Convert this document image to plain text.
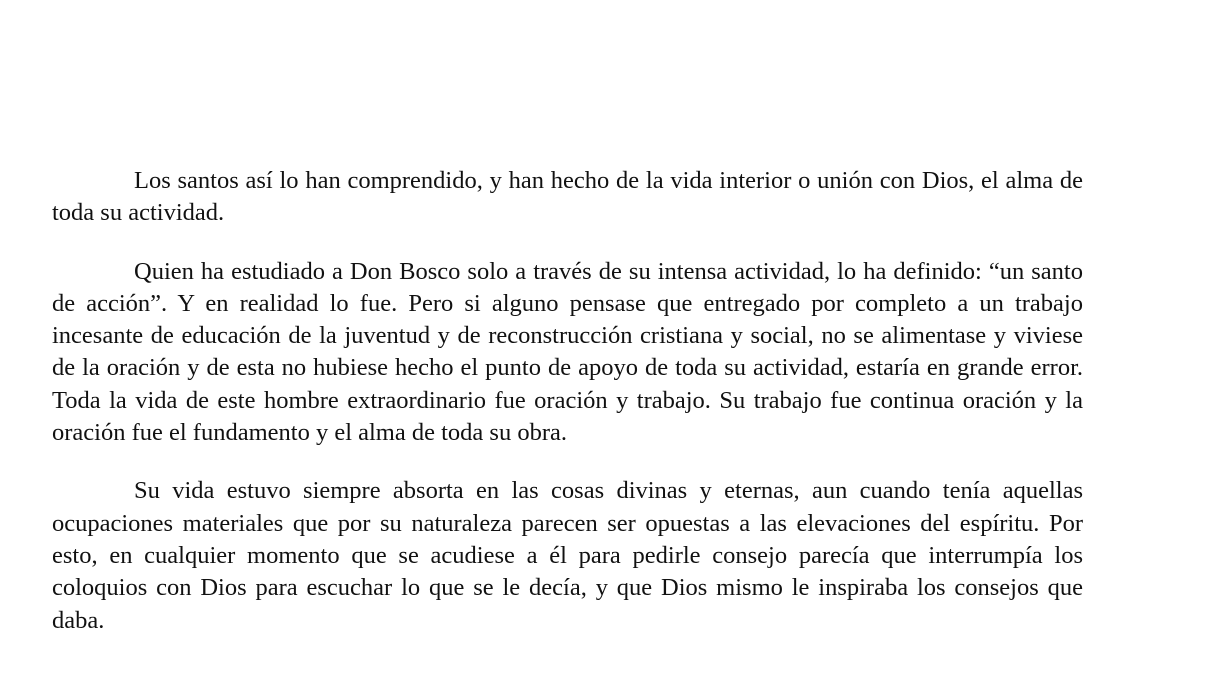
Los santos así lo han comprendido, y han hecho de la vida interior o unión con Dios, el alma de toda su actividad.

Quien ha estudiado a Don Bosco solo a través de su intensa actividad, lo ha definido: “un santo de acción”. Y en realidad lo fue. Pero si alguno pensase que entregado por completo a un trabajo incesante de educación de la juventud y de reconstrucción cristiana y social, no se alimentase y viviese de la oración y de esta no hubiese hecho el punto de apoyo de toda su actividad, estaría en grande error. Toda la vida de este hombre extraordinario fue oración y trabajo. Su trabajo fue continua oración y la oración fue el fundamento y el alma de toda su obra.

Su vida estuvo siempre absorta en las cosas divinas y eternas, aun cuando tenía aquellas ocupaciones materiales que por su naturaleza parecen ser opuestas a las elevaciones del espíritu. Por esto, en cualquier momento que se acudiese a él para pedirle consejo parecía que interrumpía los coloquios con Dios para escuchar lo que se le decía, y que Dios mismo le inspiraba los consejos que daba.
